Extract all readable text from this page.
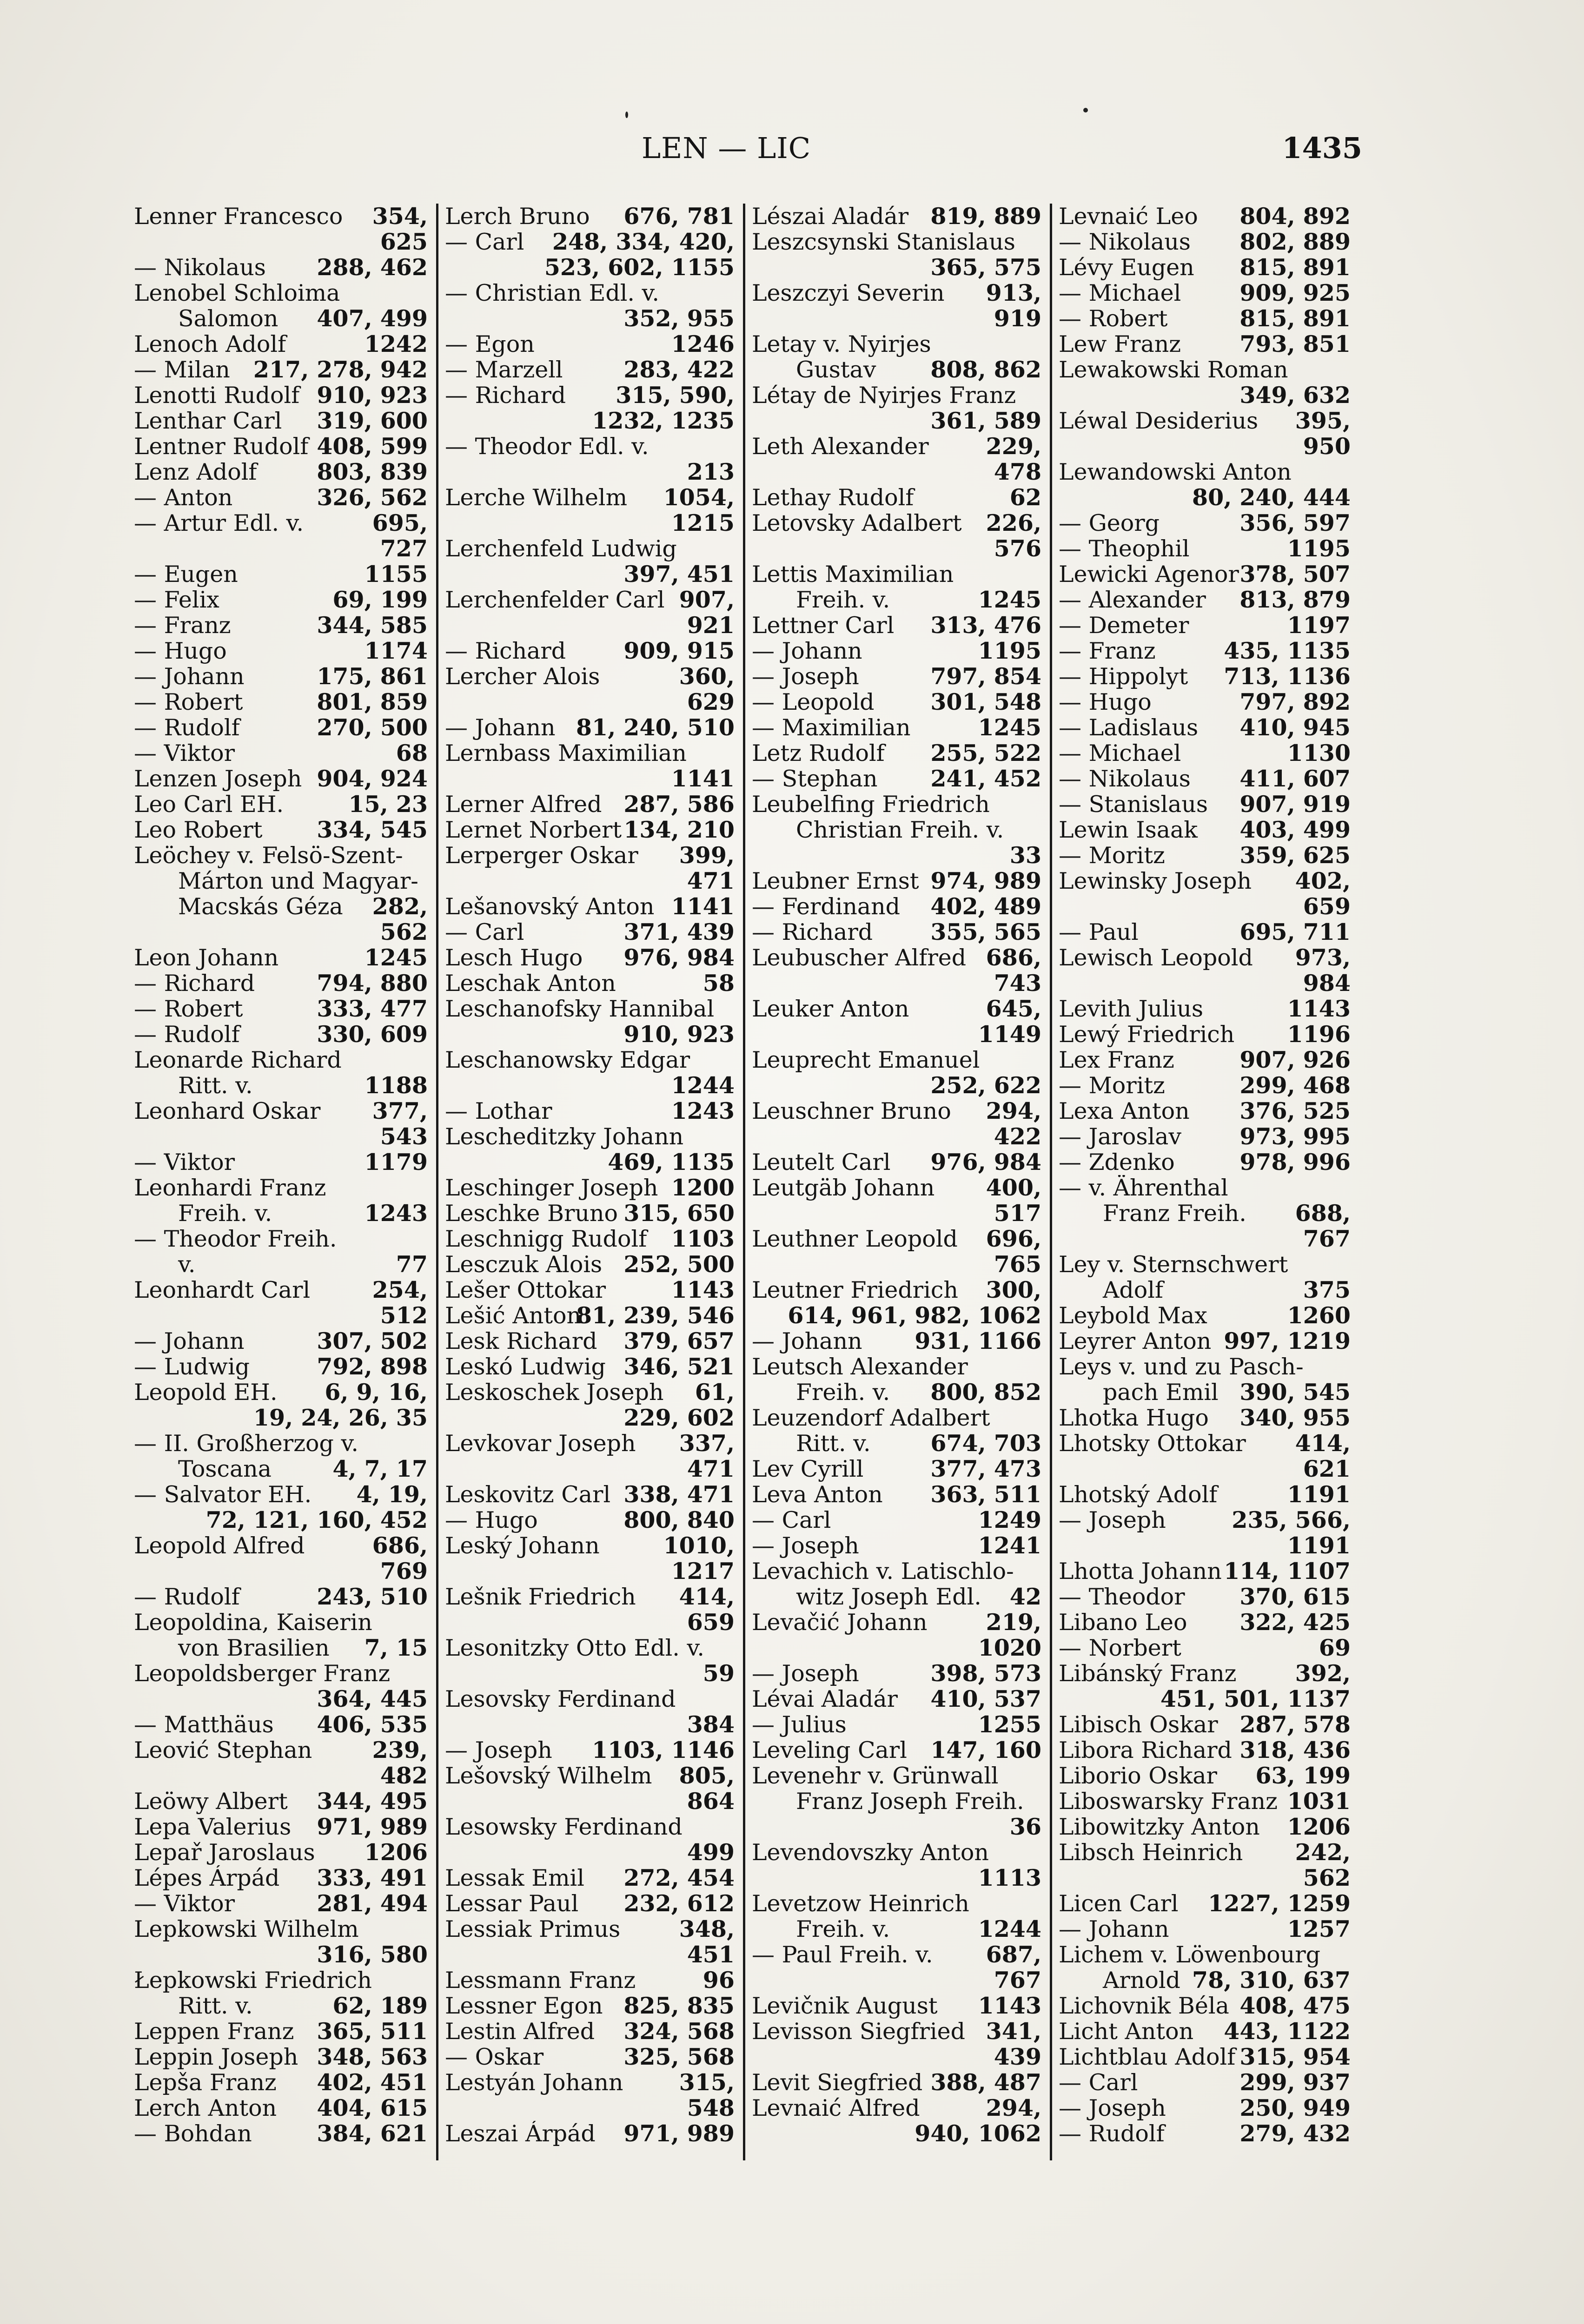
LEN — LIC	1435
Lenner Francesco 354,
625
— Nikolaus 288, 462
Lenobel Schloima
Salomon 407, 499
Lenoch Adolf	1242
— Milan 217, 278, 942
Lenotti Rudolf 910, 923
Lenthar Carl 319, 600
Lentner Rudolf 408, 599
Lenz Adolf	803, 839
— Anton	326, 562
— Artur Edl. v.	695,
727
— Eugen	1155
— Felix	69, 199
— Franz	344, 585
— Hugo	1174
— Johann	175, 861
— Robert	801, 859
— Rudolf	270, 500
— Viktor	68
Lenzen Joseph 904, 924
Leo Carl EH.	15, 23
Leo Robert 334, 545
Leöchey v. Felsö-Szent-
Márton und Magyar-
Macskás Géza 282,
562
Leon Johann	1245
— Richard	794, 880
— Robert	333, 477
— Rudolf	330, 609
Leonarde Richard
Ritt. v.	1188
Leonhard Oskar 377,
543
— Viktor	1179
Leonhardi Franz
Freih. v.	1243
— Theodor Freih.
v.	77
Leonhardt Carl	254,
512
— Johann	307, 502
— Ludwig	792, 898
Leopold EH. 6, 9, 16,
19, 24, 26, 35
— II. Großherzog v.
Toscana	4, 7, 17
— Salvator EH. 4, 19,
72, 121, 160, 452
Leopold Alfred	686,
769
— Rudolf	243, 510
Leopoldina, Kaiserin
von Brasilien 7, 15
Leopoldsberger Franz
364, 445
— Matthäus 406, 535
Leović Stephan	239,
482
Leöwy Albert 344, 495
Lepa Valerius 971, 989
Lepař Jaroslaus 1206
Lépes Árpád 333, 491
— Viktor	281, 494
Lepkowski Wilhelm
316, 580
Łepkowski Friedrich
Ritt. v.	62, 189
Leppen Franz 365, 511
Leppin Joseph 348, 563
Lepša Franz 402, 451
Lerch Anton 404, 615
— Bohdan	384, 621
Lerch Bruno 676, 781
— Carl 248, 334, 420,
523, 602, 1155
— Christian Edl. v.
352, 955
— Egon	1246
— Marzell	283, 422
— Richard 315, 590,
1232, 1235
— Theodor Edl. v.
213
Lerche Wilhelm 1054,
1215
Lerchenfeld Ludwig
397, 451
Lerchenfelder Carl 907,
921
— Richard	909, 915
Lercher Alois	360,
629
— Johann 81, 240, 510
Lernbass Maximilian
1141
Lerner Alfred 287, 586
Lernet Norbert 134, 210
Lerperger Oskar 399,
471
Lešanovský Anton 1141
— Carl	371, 439
Lesch Hugo 976, 984
Leschak Anton	58
Leschanofsky Hannibal
910, 923
Leschanowsky Edgar
1244
— Lothar	1243
Lescheditzky Johann
469, 1135
Leschinger Joseph 1200
Leschke Bruno 315, 650
Leschnigg Rudolf 1103
Lesczuk Alois 252, 500
Lešer Ottokar	1143
Lešić Anton
81, 239, 546
Lesk Richard 379, 657
Leskó Ludwig 346, 521
Leskoschek Joseph 61,
229, 602
Levkovar Joseph 337,
471
Leskovitz Carl 338, 471
— Hugo	800, 840
Leský Johann	1010,
1217
Lešnik Friedrich 414,
659
Lesonitzky Otto Edl. v.
59
Lesovsky Ferdinand
384
— Joseph 1103, 1146
Lešovský Wilhelm 805,
864
Lesowsky Ferdinand
499
Lessak Emil 272, 454
Lessar Paul 232, 612
Lessiak Primus	348,
451
Lessmann Franz	96
Lessner Egon 825, 835
Lestin Alfred 324, 568
— Oskar	325, 568
Lestyán Johann 315,
548
Leszai Árpád 971, 989
Lészai Aladár 819, 889
Leszcsynski Stanislaus
365, 575
Leszczyi Severin 913,
919
Letay v. Nyirjes
Gustav 808, 862
Létay de Nyirjes Franz
361, 589
Leth Alexander	229,
478
Lethay Rudolf	62
Letovsky Adalbert 226,
576
Lettis Maximilian
Freih. v.	1245
Lettner Carl 313, 476
— Johann	1195
— Joseph	797, 854
— Leopold 301, 548
— Maximilian	1245
Letz Rudolf 255, 522
— Stephan 241, 452
Leubelfing Friedrich
Christian Freih. v.
33
Leubner Ernst 974, 989
— Ferdinand 402, 489
— Richard	355, 565
Leubuscher Alfred 686,
743
Leuker Anton	645,
1149
Leuprecht Emanuel
252, 622
Leuschner Bruno 294,
422
Leutelt Carl 976, 984
Leutgäb Johann 400,
517
Leuthner Leopold 696,
765
Leutner Friedrich 300,
614, 961, 982, 1062
— Johann 931, 1166
Leutsch Alexander
Freih. v. 800, 852
Leuzendorf Adalbert
Ritt. v.	674, 703
Lev Cyrill	377, 473
Leva Anton 363, 511
— Carl	1249
— Joseph	1241
Levachich v. Latischlo-
witz Joseph Edl. 42
Levačić Johann	219,
1020
— Joseph	398, 573
Lévai Aladár 410, 537
— Julius	1255
Leveling Carl 147, 160
Levenehr v. Grünwall
Franz Joseph Freih.
36
Levendovszky Anton
1113
Levetzow Heinrich
Freih. v.	1244
— Paul Freih. v. 687,
767
Levičnik August 1143
Levisson Siegfried 341,
439
Levit Siegfried 388, 487
Levnaić Alfred	294,
940, 1062
Levnaić Leo 804, 892
— Nikolaus 802, 889
Lévy Eugen 815, 891
— Michael	909, 925
— Robert	815, 891
Lew Franz	793, 851
Lewakowski Roman
349, 632
Léwal Desiderius 395,
950
Lewandowski Anton
80, 240, 444
— Georg	356, 597
— Theophil	1195
Lewicki Agenor 378, 507
— Alexander 813, 879
— Demeter	1197
— Franz	435, 1135
— Hippolyt 713, 1136
— Hugo	797, 892
— Ladislaus 410, 945
— Michael	1130
— Nikolaus 411, 607
— Stanislaus 907, 919
Lewin Isaak 403, 499
— Moritz	359, 625
Lewinsky Joseph 402,
659
— Paul	695, 711
Lewisch Leopold 973,
984
Levith Julius	1143
Lewý Friedrich 1196
Lex Franz	907, 926
— Moritz	299, 468
Lexa Anton 376, 525
— Jaroslav	973, 995
— Zdenko	978, 996
— v. Ährenthal
Franz Freih. 688,
767
Ley v. Sternschwert
Adolf	375
Leybold Max	1260
Leyrer Anton 997, 1219
Leys v. und zu Pasch-
pach Emil 390, 545
Lhotka Hugo 340, 955
Lhotsky Ottokar 414,
621
Lhotský Adolf	1191
— Joseph	235, 566,
1191
Lhotta Johann 114, 1107
— Theodor 370, 615
Libano Leo 322, 425
— Norbert	69
Libánský Franz	392,
451, 501, 1137
Libisch Oskar 287, 578
Libora Richard 318, 436
Liborio Oskar 63, 199
Liboswarsky Franz 1031
Libowitzky Anton 1206
Libsch Heinrich 242,
562
Licen Carl 1227, 1259
— Johann	1257
Lichem v. Löwenbourg
Arnold 78, 310, 637
Lichovnik Béla 408, 475
Licht Anton 443, 1122
Lichtblau Adolf 315, 954
— Carl	299, 937
— Joseph	250, 949
— Rudolf	279, 432
